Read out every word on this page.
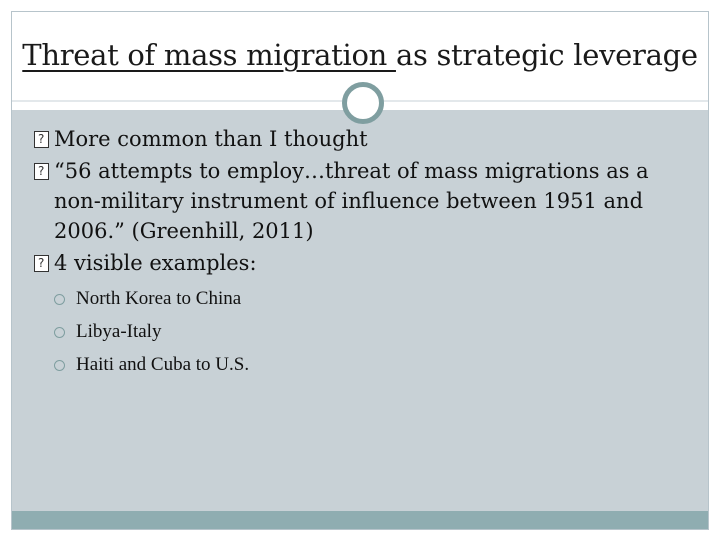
Threat of mass migration as strategic leverage
?
More common than I thought
?
“56 attempts to employ…threat of mass migrations as a non-military instrument of influence between 1951 and 2006.” (Greenhill, 2011)
?
4 visible examples:
North Korea to China
Libya-Italy
Haiti and Cuba to U.S.
